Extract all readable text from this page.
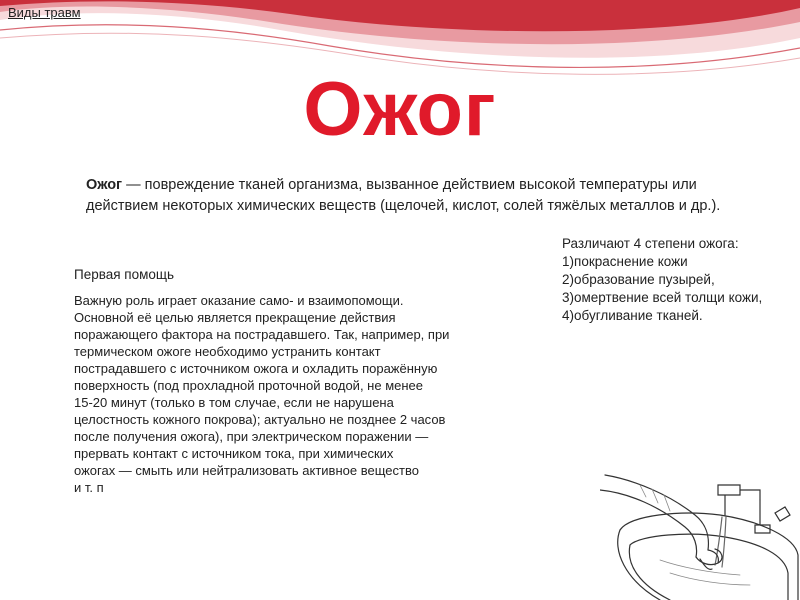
Виды травм
Ожог
Ожог — повреждение тканей организма, вызванное действием высокой температуры или действием некоторых химических веществ (щелочей, кислот, солей тяжёлых металлов и др.).
Различают 4 степени ожога:
1)покраснение кожи
2)образование пузырей,
3)омертвение всей толщи кожи,
4)обугливание тканей.
Первая помощь
Важную роль играет оказание само- и взаимопомощи.
Основной её целью является прекращение действия
поражающего фактора на пострадавшего. Так, например, при
термическом ожоге необходимо устранить контакт
пострадавшего с источником ожога и охладить поражённую
поверхность (под прохладной проточной водой, не менее
15-20 минут (только в том случае, если не нарушена
целостность кожного покрова); актуально не позднее 2 часов
после получения ожога), при электрическом поражении —
прервать контакт с источником тока, при химических
ожогах — смыть или нейтрализовать активное вещество
и т. п
